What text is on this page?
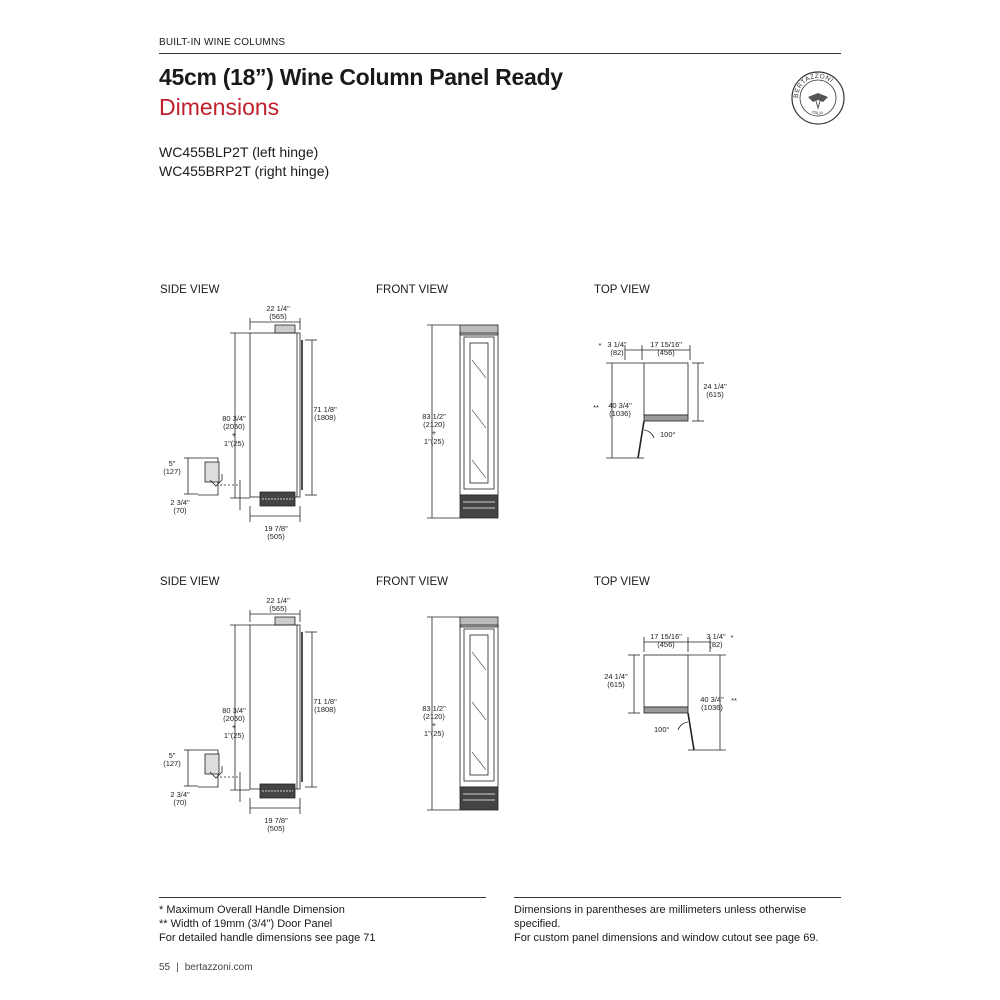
BUILT-IN WINE COLUMNS
45cm (18”) Wine Column Panel Ready
Dimensions
WC455BLP2T (left hinge)
WC455BRP2T (right hinge)
BERTAZZONI
ITALIA
SIDE VIEW	FRONT VIEW	TOP VIEW
22 1/4"
(565)
80 3/4"
(2050)
+
1"(25)
71 1/8"
(1808)
5"
(127)
2 3/4"
(70)
19 7/8"
(505)
83 1/2"
(2120)
+
1"(25)
* 3 1/4"
(82)
17 15/16"
(456)
24 1/4"
(615)
** 40 3/4"
(1036)
100°
SIDE VIEW	FRONT VIEW	TOP VIEW
22 1/4"
(565)
80 3/4"
(2050)
+
1"(25)
71 1/8"
(1808)
5"
(127)
2 3/4"
(70)
19 7/8"
(505)
83 1/2"
(2120)
+
1"(25)
17 15/16"
(456)
3 1/4"
(82)
*
24 1/4"
(615)
40 3/4"
(1036)
**
100°
* Maximum Overall Handle Dimension
** Width of 19mm (3/4") Door Panel
For detailed handle dimensions see page 71
Dimensions in parentheses are millimeters unless otherwise
specified.
For custom panel dimensions and window cutout see page 69.
55 | bertazzoni.com
